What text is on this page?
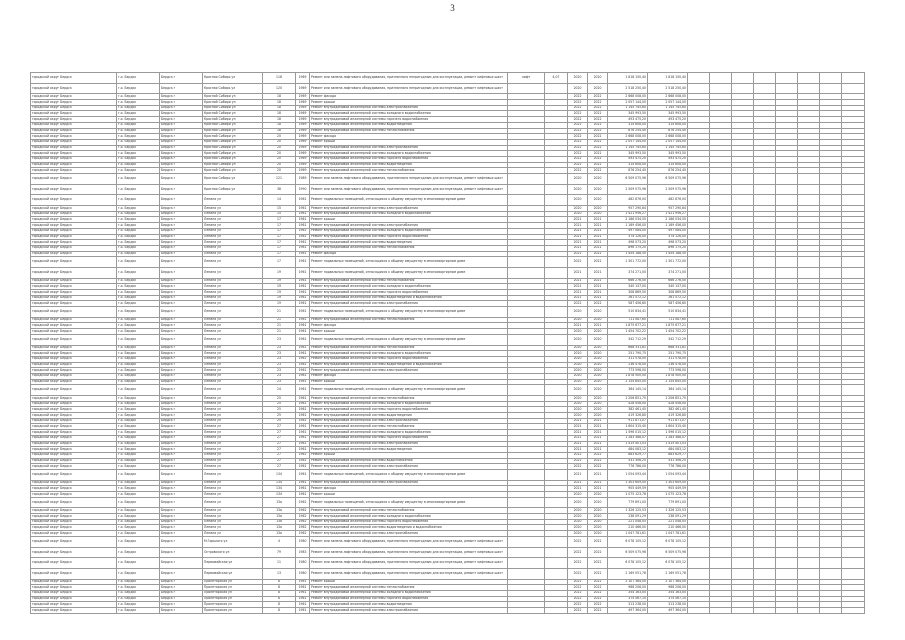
3
городской округ Бердск	г.о. Бердск	Бердск г	Красная Сибирь ул	118	1969	Ремонт или замена лифтового оборудования, признанного непригодным для эксплуатации, ремонт лифтовых шахт	лифт	4,07	2020	2020	1 818 150,40	1 818 150,40								
городской округ Бердск	г.о. Бердск	Бердск г	Красная Сибирь ул	120	1969	Ремонт или замена лифтового оборудования, признанного непригодным для эксплуатации, ремонт лифтовых шахт			2020	2020	2 518 250,40	2 518 250,40								
городской округ Бердск	г.о. Бердск	Бердск г	Красной Сибири ул	18	1969	Ремонт фасада			2022	2022	2 668 008,00	2 668 008,00								
городской округ Бердск	г.о. Бердск	Бердск г	Красной Сибири ул	18	1969	Ремонт крыши			2022	2022	2 057 144,00	2 057 144,00								
городской округ Бердск	г.о. Бердск	Бердск г	Красной Сибири ул	18	1969	Ремонт внутридомовой инженерной системы электроснабжения			2022	2022	1 145 745,60	1 145 745,60								
городской округ Бердск	г.о. Бердск	Бердск г	Красной Сибири ул	18	1969	Ремонт внутридомовой инженерной системы холодного водоснабжения			2022	2022	345 993,50	345 993,50								
городской округ Бердск	г.о. Бердск	Бердск г	Красной Сибири ул	18	1969	Ремонт внутридомовой инженерной системы горячего водоснабжения			2022	2022	493 475,20	493 475,20								
городской округ Бердск	г.о. Бердск	Бердск г	Красной Сибири ул	18	1969	Ремонт внутридомовой инженерной системы водоотведения			2022	2022	314 608,00	314 608,00								
городской округ Бердск	г.о. Бердск	Бердск г	Красной Сибири ул	18	1969	Ремонт внутридомовой инженерной системы теплоснабжения			2022	2022	876 254,40	876 254,40								
городской округ Бердск	г.о. Бердск	Бердск г	Красной Сибири ул	20	1969	Ремонт фасада			2022	2022	2 668 008,00	2 668 008,00								
городской округ Бердск	г.о. Бердск	Бердск г	Красной Сибири ул	20	1969	Ремонт крыши			2022	2022	2 057 144,00	2 057 144,00								
городской округ Бердск	г.о. Бердск	Бердск г	Красной Сибири ул	20	1969	Ремонт внутридомовой инженерной системы электроснабжения			2022	2022	1 145 745,60	1 145 745,60								
городской округ Бердск	г.о. Бердск	Бердск г	Красной Сибири ул	20	1969	Ремонт внутридомовой инженерной системы холодного водоснабжения			2022	2022	345 993,50	345 993,50								
городской округ Бердск	г.о. Бердск	Бердск г	Красной Сибири ул	20	1969	Ремонт внутридомовой инженерной системы горячего водоснабжения			2022	2022	493 475,20	493 475,20								
городской округ Бердск	г.о. Бердск	Бердск г	Красной Сибири ул	20	1969	Ремонт внутридомовой инженерной системы водоотведения			2022	2022	314 608,00	314 608,00								
городской округ Бердск	г.о. Бердск	Бердск г	Красной Сибири ул	20	1969	Ремонт внутридомовой инженерной системы теплоснабжения			2022	2022	876 254,40	876 254,40								
городской округ Бердск	г.о. Бердск	Бердск г	Красная Сибирь ул	121	1989	Ремонт или замена лифтового оборудования, признанного непригодным для эксплуатации, ремонт лифтовых шахт			2020	2020	6 509 075,96	6 509 075,96								
городской округ Бердск	г.о. Бердск	Бердск г	Красная Сибирь ул	38	1990	Ремонт или замена лифтового оборудования, признанного непригодным для эксплуатации, ремонт лифтовых шахт			2020	2020	2 509 075,96	2 509 075,96								
городской округ Бердск	г.о. Бердск	Бердск г	Ленина ул	14	1961	Ремонт подвальных помещений, относящихся к общему имуществу в многоквартирном доме			2020	2020	482 876,00	482 876,00								
городской округ Бердск	г.о. Бердск	Бердск г	Ленина ул	15	1961	Ремонт внутридомовой инженерной системы электроснабжения			2020	2020	957 290,64	957 290,64								
городской округ Бердск	г.о. Бердск	Бердск г	Ленина ул	15	1961	Ремонт внутридомовой инженерной системы холодного водоснабжения			2020	2020	1 421 956,27	1 421 956,27								
городской округ Бердск	г.о. Бердск	Бердск г	Ленина ул	17	1961	Ремонт крыши			2021	2021	2 186 034,50	2 186 034,50								
городской округ Бердск	г.о. Бердск	Бердск г	Ленина ул	17	1961	Ремонт внутридомовой инженерной системы электроснабжения			2021	2021	1 169 456,00	1 169 456,00								
городской округ Бердск	г.о. Бердск	Бердск г	Ленина ул	17	1961	Ремонт внутридомовой инженерной системы холодного водоснабжения			2021	2021	497 084,00	497 084,00								
городской округ Бердск	г.о. Бердск	Бердск г	Ленина ул	17	1961	Ремонт внутридомовой инженерной системы горячего водоснабжения			2021	2021	374 126,00	374 126,00								
городской округ Бердск	г.о. Бердск	Бердск г	Ленина ул	17	1961	Ремонт внутридомовой инженерной системы водоотведения			2021	2021	498 073,20	498 073,20								
городской округ Бердск	г.о. Бердск	Бердск г	Ленина ул	17	1961	Ремонт внутридомовой инженерной системы теплоснабжения			2021	2021	896 175,20	896 175,20								
городской округ Бердск	г.о. Бердск	Бердск г	Ленина ул	17	1961	Ремонт фасада			2022	2022	1 454 188,50	1 454 188,50								
городской округ Бердск	г.о. Бердск	Бердск г	Ленина ул	17	1961	Ремонт подвальных помещений, относящихся к общему имуществу в многоквартирном доме			2022	2022	1 301 772,00	1 301 772,00								
городской округ Бердск	г.о. Бердск	Бердск г	Ленина ул	19	1961	Ремонт подвальных помещений, относящихся к общему имуществу в многоквартирном доме			2021	2021	374 271,00	374 271,00								
городской округ Бердск	г.о. Бердск	Бердск г	Ленина ул	19	1961	Ремонт внутридомовой инженерной системы теплоснабжения			2021	2021	666 276,00	666 276,00								
городской округ Бердск	г.о. Бердск	Бердск г	Ленина ул	19	1961	Ремонт внутридомовой инженерной системы холодного водоснабжения			2021	2021	340 137,00	340 137,00								
городской округ Бердск	г.о. Бердск	Бердск г	Ленина ул	19	1961	Ремонт внутридомовой инженерной системы горячего водоснабжения			2021	2021	308 869,50	308 869,50								
городской округ Бердск	г.о. Бердск	Бердск г	Ленина ул	19	1961	Ремонт внутридомовой инженерной системы водоотведения и водоснабжения			2021	2021	261 572,12	261 572,12								
городской округ Бердск	г.о. Бердск	Бердск г	Ленина ул	19	1961	Ремонт внутридомовой инженерной системы электроснабжения			2022	2022	587 456,80	587 456,80								
городской округ Бердск	г.о. Бердск	Бердск г	Ленина ул	21	1961	Ремонт подвальных помещений, относящихся к общему имуществу в многоквартирном доме			2020	2020	510 834,41	510 834,41								
городской округ Бердск	г.о. Бердск	Бердск г	Ленина ул	21	1961	Ремонт внутридомовой инженерной системы теплоснабжения			2020	2020	711 087,60	711 087,60								
городской округ Бердск	г.о. Бердск	Бердск г	Ленина ул	21	1961	Ремонт фасада			2021	2021	1 875 677,21	1 875 677,21								
городской округ Бердск	г.о. Бердск	Бердск г	Ленина ул	21	1961	Ремонт крыши			2020	2020	1 454 702,22	1 454 702,22								
городской округ Бердск	г.о. Бердск	Бердск г	Ленина ул	23	1961	Ремонт подвальных помещений, относящихся к общему имуществу в многоквартирном доме			2020	2020	342 712,29	342 712,29								
городской округ Бердск	г.о. Бердск	Бердск г	Ленина ул	23	1961	Ремонт внутридомовой инженерной системы теплоснабжения			2020	2020	668 331,81	668 331,81								
городской округ Бердск	г.о. Бердск	Бердск г	Ленина ул	23	1961	Ремонт внутридомовой инженерной системы холодного водоснабжения			2020	2020	251 790,75	251 790,75								
городской округ Бердск	г.о. Бердск	Бердск г	Ленина ул	23	1961	Ремонт внутридомовой инженерной системы горячего водоснабжения			2020	2020	311 578,00	311 578,00								
городской округ Бердск	г.о. Бердск	Бердск г	Ленина ул	23	1961	Ремонт внутридомовой инженерной системы водоотведения и водоснабжения			2020	2020	236 478,00	236 478,00								
городской округ Бердск	г.о. Бердск	Бердск г	Ленина ул	23	1961	Ремонт внутридомовой инженерной системы электроснабжения			2020	2020	773 598,00	773 598,00								
городской округ Бердск	г.о. Бердск	Бердск г	Ленина ул	23	1961	Ремонт фасада			2020	2020	1 878 500,00	1 878 500,00								
городской округ Бердск	г.о. Бердск	Бердск г	Ленина ул	23	1961	Ремонт крыши			2020	2020	2 154 645,00	2 154 645,00								
городской округ Бердск	г.о. Бердск	Бердск г	Ленина ул	24	1961	Ремонт подвальных помещений, относящихся к общему имуществу в многоквартирном доме			2020	2020	364 145,14	364 145,14								
городской округ Бердск	г.о. Бердск	Бердск г	Ленина ул	25	1961	Ремонт внутридомовой инженерной системы теплоснабжения			2020	2020	1 206 851,70	1 206 851,70								
городской округ Бердск	г.о. Бердск	Бердск г	Ленина ул	25	1961	Ремонт внутридомовой инженерной системы холодного водоснабжения			2020	2020	428 458,00	428 458,00								
городской округ Бердск	г.о. Бердск	Бердск г	Ленина ул	25	1961	Ремонт внутридомовой инженерной системы горячего водоснабжения			2020	2020	382 461,45	382 461,45								
городской округ Бердск	г.о. Бердск	Бердск г	Ленина ул	25	1961	Ремонт внутридомовой инженерной системы водоотведения			2020	2020	419 326,80	419 326,80								
городской округ Бердск	г.о. Бердск	Бердск г	Ленина ул	25	1961	Ремонт внутридомовой инженерной системы электроснабжения			2021	2021	911 871,07	911 871,07								
городской округ Бердск	г.о. Бердск	Бердск г	Ленина ул	27	1961	Ремонт внутридомовой инженерной системы теплоснабжения			2021	2021	1 604 315,40	1 604 315,40								
городской округ Бердск	г.о. Бердск	Бердск г	Ленина ул	27	1961	Ремонт внутридомовой инженерной системы холодного водоснабжения			2021	2021	1 596 015,12	1 596 015,12								
городской округ Бердск	г.о. Бердск	Бердск г	Ленина ул	27	1961	Ремонт внутридомовой инженерной системы горячего водоснабжения			2021	2021	1 283 388,07	1 283 388,07								
городской округ Бердск	г.о. Бердск	Бердск г	Ленина ул	27	1961	Ремонт внутридомовой инженерной системы электроснабжения			2021	2021	1 415 401,03	1 415 401,03								
городской округ Бердск	г.о. Бердск	Бердск г	Ленина ул	27	1961	Ремонт внутридомовой инженерной системы водоотведения			2021	2021	484 083,12	484 083,12								
городской округ Бердск	г.о. Бердск	Бердск г	Ленина ул	27	1961	Ремонт крыши			2022	2022	883 629,77	883 629,77								
городской округ Бердск	г.о. Бердск	Бердск г	Ленина ул	27	1961	Ремонт внутридомовой инженерной системы водоснабжения			2022	2022	531 306,25	531 306,25								
городской округ Бердск	г.о. Бердск	Бердск г	Ленина ул	27	1961	Ремонт внутридомовой инженерной системы электроснабжения			2022	2022	776 786,00	776 786,00								
городской округ Бердск	г.о. Бердск	Бердск г	Ленина ул	134	1961	Ремонт подвальных помещений, относящихся к общему имуществу в многоквартирном доме			2021	2021	1 054 093,44	1 054 093,44								
городской округ Бердск	г.о. Бердск	Бердск г	Ленина ул	134	1961	Ремонт внутридомовой инженерной системы электроснабжения			2021	2021	1 303 609,00	1 303 609,00								
городской округ Бердск	г.о. Бердск	Бердск г	Ленина ул	134	1961	Ремонт фасада			2021	2021	905 449,59	905 449,59								
городской округ Бердск	г.о. Бердск	Бердск г	Ленина ул	134	1961	Ремонт крыши			2020	2020	1 075 123,78	1 075 123,78								
городской округ Бердск	г.о. Бердск	Бердск г	Ленина ул	13а	1962	Ремонт подвальных помещений, относящихся к общему имуществу в многоквартирном доме			2020	2020	779 891,00	779 891,00								
городской округ Бердск	г.о. Бердск	Бердск г	Ленина ул	13а	1962	Ремонт внутридомовой инженерной системы теплоснабжения			2020	2020	1 326 125,53	1 326 125,53								
городской округ Бердск	г.о. Бердск	Бердск г	Ленина ул	13а	1962	Ремонт внутридомовой инженерной системы холодного водоснабжения			2020	2020	238 091,29	238 091,29								
городской округ Бердск	г.о. Бердск	Бердск г	Ленина ул	13а	1962	Ремонт внутридомовой инженерной системы горячего водоснабжения			2020	2020	221 048,05	221 048,05								
городской округ Бердск	г.о. Бердск	Бердск г	Ленина ул	13а	1962	Ремонт внутридомовой инженерной системы водоотведения и водоснабжения			2020	2020	210 466,00	210 466,00								
городской округ Бердск	г.о. Бердск	Бердск г	Ленина ул	13а	1962	Ремонт внутридомовой инженерной системы электроснабжения			2020	2020	1 047 781,61	1 047 781,61								
городской округ Бердск	г.о. Бердск	Бердск г	М.Горького ул	4	1980	Ремонт или замена лифтового оборудования, признанного непригодным для эксплуатации, ремонт лифтовых шахт			2022	2022	6 078 105,12	6 078 105,12								
городской округ Бердск	г.о. Бердск	Бердск г	Островского ул	79	1983	Ремонт или замена лифтового оборудования, признанного непригодным для эксплуатации, ремонт лифтовых шахт			2022	2022	6 509 075,96	6 509 075,96								
городской округ Бердск	г.о. Бердск	Бердск г	Первомайская ул	11	1980	Ремонт или замена лифтового оборудования, признанного непригодным для эксплуатации, ремонт лифтовых шахт			2022	2022	6 078 105,12	6 078 105,12								
городской округ Бердск	г.о. Бердск	Бердск г	Первомайская ул	13	1980	Ремонт или замена лифтового оборудования, признанного непригодным для эксплуатации, ремонт лифтовых шахт			2022	2022	2 169 051,78	2 169 051,78								
городской округ Бердск	г.о. Бердск	Бердск г	Пролетарская ул	8	1961	Ремонт крыши			2022	2022	2 107 364,00	2 107 364,00								
городской округ Бердск	г.о. Бердск	Бердск г	Пролетарская ул	8	1961	Ремонт внутридомовой инженерной системы теплоснабжения			2022	2022	988 206,00	988 206,00								
городской округ Бердск	г.о. Бердск	Бердск г	Пролетарская ул	8	1961	Ремонт внутридомовой инженерной системы холодного водоснабжения			2022	2022	354 163,00	354 163,00								
городской округ Бердск	г.о. Бердск	Бердск г	Пролетарская ул	8	1961	Ремонт внутридомовой инженерной системы горячего водоснабжения			2022	2022	375 567,10	375 567,10								
городской округ Бердск	г.о. Бердск	Бердск г	Пролетарская ул	8	1961	Ремонт внутридомовой инженерной системы водоотведения			2022	2022	313 238,00	313 238,00								
городской округ Бердск	г.о. Бердск	Бердск г	Пролетарская ул	8	1961	Ремонт внутридомовой инженерной системы электроснабжения			2022	2022	497 364,00	497 364,00								
